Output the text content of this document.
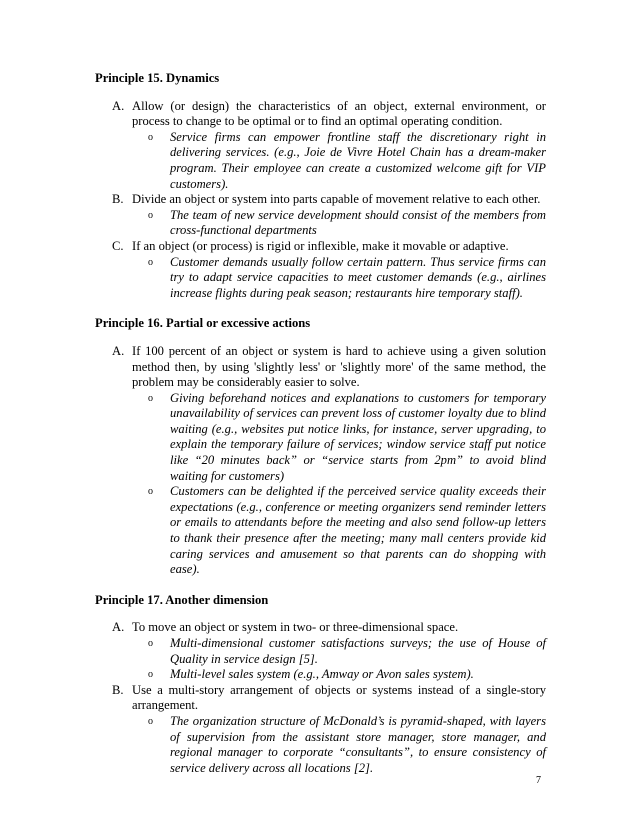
Principle 15. Dynamics

A. Allow (or design) the characteristics of an object, external environment, or process to change to be optimal or to find an optimal operating condition.
o Service firms can empower frontline staff the discretionary right in delivering services. (e.g., Joie de Vivre Hotel Chain has a dream-maker program. Their employee can create a customized welcome gift for VIP customers).
B. Divide an object or system into parts capable of movement relative to each other.
o The team of new service development should consist of the members from cross-functional departments
C. If an object (or process) is rigid or inflexible, make it movable or adaptive.
o Customer demands usually follow certain pattern. Thus service firms can try to adapt service capacities to meet customer demands (e.g., airlines increase flights during peak season; restaurants hire temporary staff).

Principle 16. Partial or excessive actions

A. If 100 percent of an object or system is hard to achieve using a given solution method then, by using 'slightly less' or 'slightly more' of the same method, the problem may be considerably easier to solve.
o Giving beforehand notices and explanations to customers for temporary unavailability of services can prevent loss of customer loyalty due to blind waiting (e.g., websites put notice links, for instance, server upgrading, to explain the temporary failure of services; window service staff put notice like “20 minutes back” or “service starts from 2pm” to avoid blind waiting for customers)
o Customers can be delighted if the perceived service quality exceeds their expectations (e.g., conference or meeting organizers send reminder letters or emails to attendants before the meeting and also send follow-up letters to thank their presence after the meeting; many mall centers provide kid caring services and amusement so that parents can do shopping with ease).

Principle 17. Another dimension

A. To move an object or system in two- or three-dimensional space.
o Multi-dimensional customer satisfactions surveys; the use of House of Quality in service design [5].
o Multi-level sales system (e.g., Amway or Avon sales system).
B. Use a multi-story arrangement of objects or systems instead of a single-story arrangement.
o The organization structure of McDonald’s is pyramid-shaped, with layers of supervision from the assistant store manager, store manager, and regional manager to corporate “consultants”, to ensure consistency of service delivery across all locations [2].
7
